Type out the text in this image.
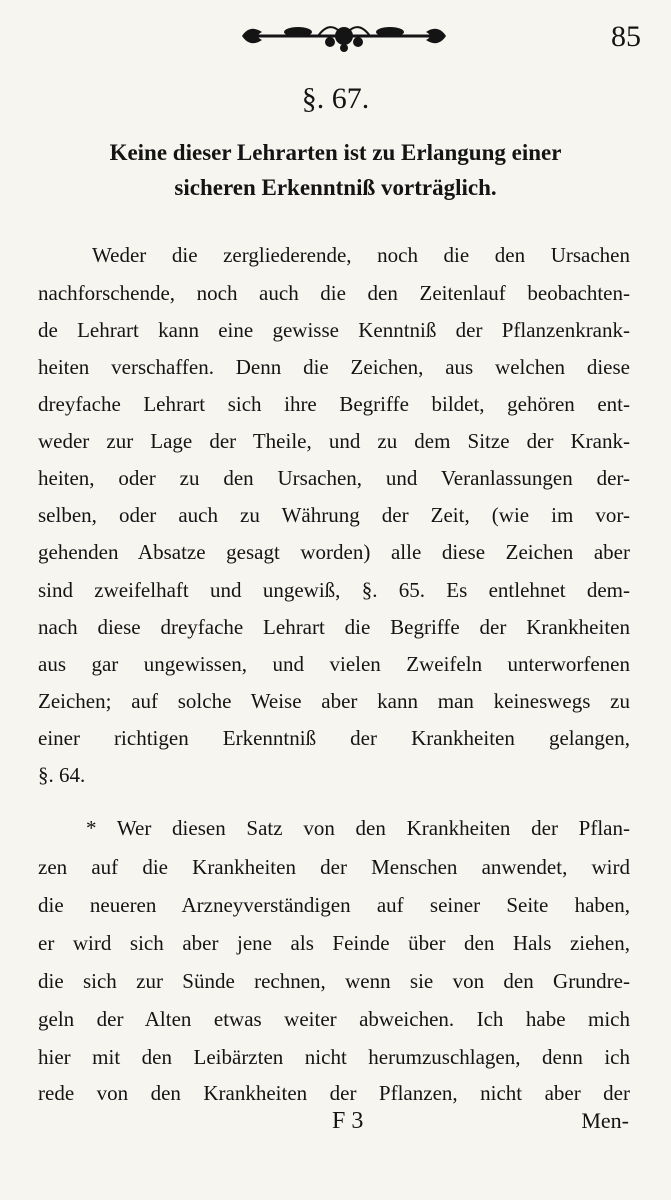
85
§. 67.
Keine dieser Lehrarten ist zu Erlangung einer
sicheren Erkenntniß vorträglich.
Weder die zergliederende, noch die den Ursachen
nachforschende, noch auch die den Zeitenlauf beobachten-
de Lehrart kann eine gewisse Kenntniß der Pflanzenkrank-
heiten verschaffen. Denn die Zeichen, aus welchen diese
dreyfache Lehrart sich ihre Begriffe bildet, gehören ent-
weder zur Lage der Theile, und zu dem Sitze der Krank-
heiten, oder zu den Ursachen, und Veranlassungen der-
selben, oder auch zu Währung der Zeit, (wie im vor-
gehenden Absatze gesagt worden) alle diese Zeichen aber
sind zweifelhaft und ungewiß, §. 65. Es entlehnet dem-
nach diese dreyfache Lehrart die Begriffe der Krankheiten
aus gar ungewissen, und vielen Zweifeln unterworfenen
Zeichen; auf solche Weise aber kann man keineswegs zu
einer richtigen Erkenntniß der Krankheiten gelangen,
§. 64.
* Wer diesen Satz von den Krankheiten der Pflan-
zen auf die Krankheiten der Menschen anwendet, wird
die neueren Arzneyverständigen auf seiner Seite haben,
er wird sich aber jene als Feinde über den Hals ziehen,
die sich zur Sünde rechnen, wenn sie von den Grundre-
geln der Alten etwas weiter abweichen. Ich habe mich
hier mit den Leibärzten nicht herumzuschlagen, denn ich
rede von den Krankheiten der Pflanzen, nicht aber der
F 3	Men-
